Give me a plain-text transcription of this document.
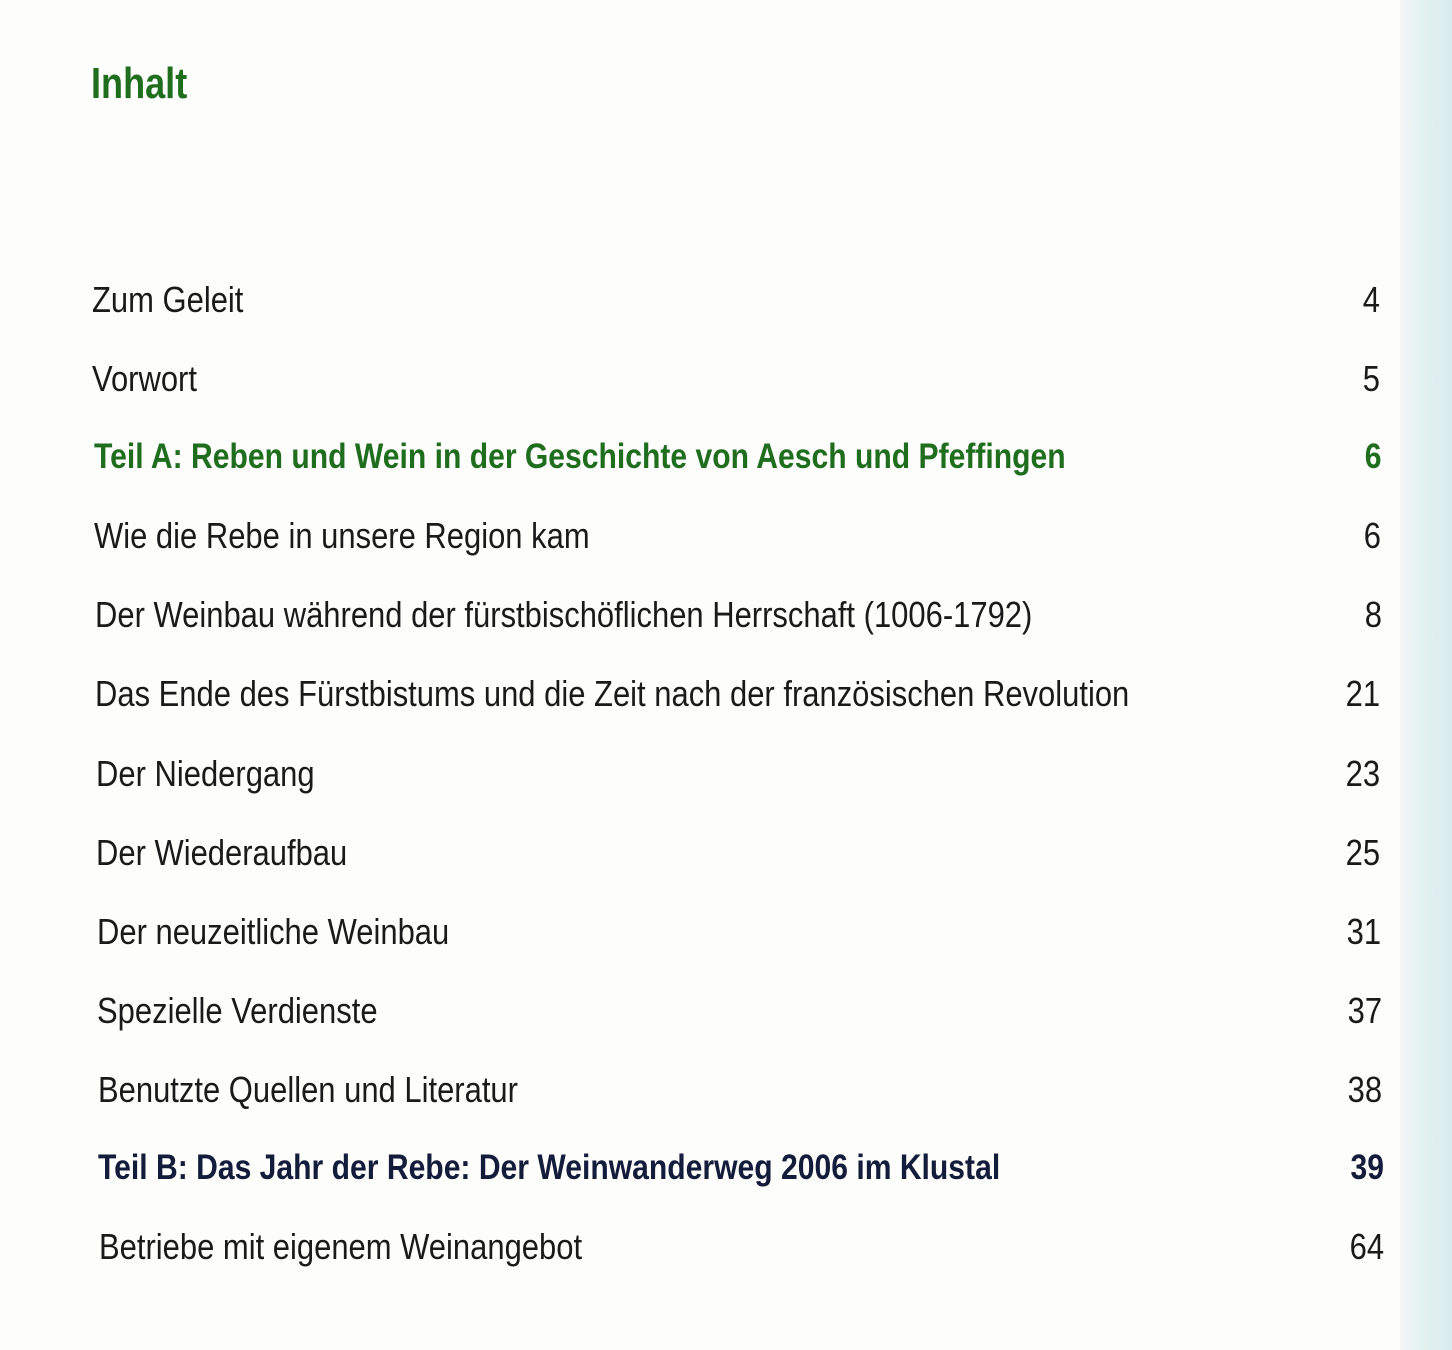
Inhalt
Zum Geleit	4
Vorwort	5
Teil A: Reben und Wein in der Geschichte von Aesch und Pfeffingen	6
Wie die Rebe in unsere Region kam	6
Der Weinbau während der fürstbischöflichen Herrschaft (1006-1792)	8
Das Ende des Fürstbistums und die Zeit nach der französischen Revolution	21
Der Niedergang	23
Der Wiederaufbau	25
Der neuzeitliche Weinbau	31
Spezielle Verdienste	37
Benutzte Quellen und Literatur	38
Teil B: Das Jahr der Rebe: Der Weinwanderweg 2006 im Klustal	39
Betriebe mit eigenem Weinangebot	64
